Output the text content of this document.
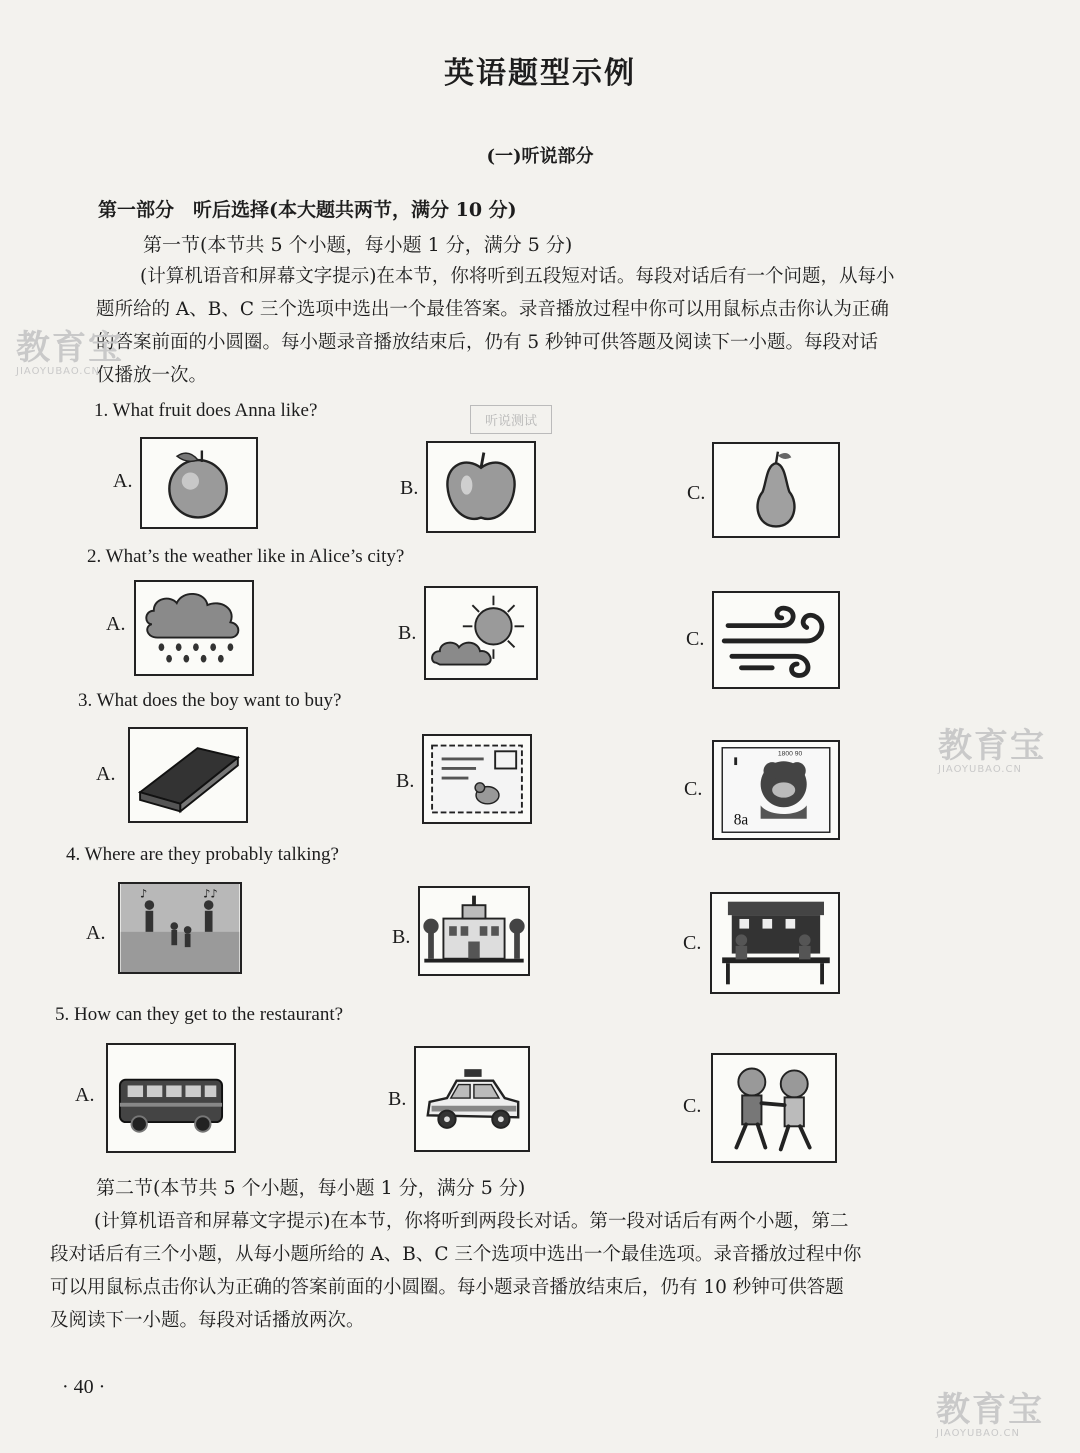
英语题型示例
(一)听说部分
第一部分　听后选择(本大题共两节，满分 10 分)
第一节(本节共 5 个小题，每小题 1 分，满分 5 分)
(计算机语音和屏幕文字提示)在本节，你将听到五段短对话。每段对话后有一个问题，从每小
题所给的 A、B、C 三个选项中选出一个最佳答案。录音播放过程中你可以用鼠标点击你认为正确
的答案前面的小圆圈。每小题录音播放结束后，仍有 5 秒钟可供答题及阅读下一小题。每段对话
仅播放一次。
听说测试
1. What fruit does Anna like?
A.	B.	C.
2. What’s the weather like in Alice’s city?
A.	B.	C.
3. What does the boy want to buy?
A.	B.	C.
8a
1800 90
4. Where are they probably talking?
A.
♪♪
♪
B.	C.
5. How can they get to the restaurant?
A.	B.	C.
第二节(本节共 5 个小题，每小题 1 分，满分 5 分)
(计算机语音和屏幕文字提示)在本节，你将听到两段长对话。第一段对话后有两个小题，第二
段对话后有三个小题，从每小题所给的 A、B、C 三个选项中选出一个最佳选项。录音播放过程中你
可以用鼠标点击你认为正确的答案前面的小圆圈。每小题录音播放结束后，仍有 10 秒钟可供答题
及阅读下一小题。每段对话播放两次。
· 40 ·
教育宝
JIAOYUBAO.CN
教育宝
JIAOYUBAO.CN
教育宝
JIAOYUBAO.CN
